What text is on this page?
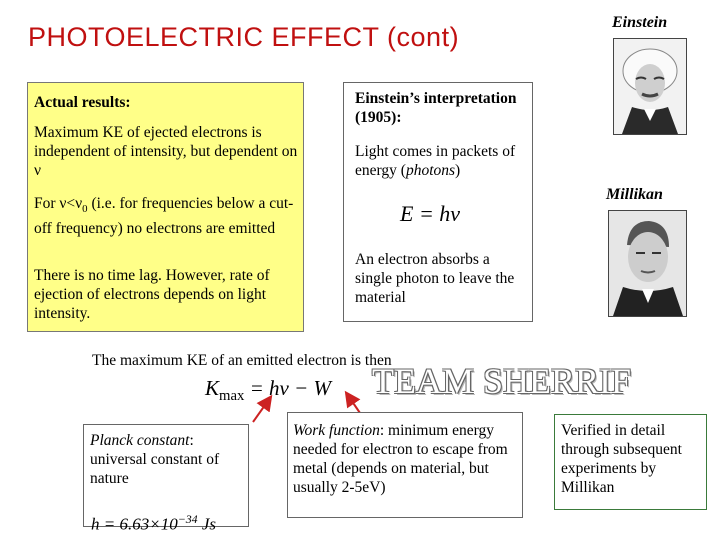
PHOTOELECTRIC EFFECT (cont)	Einstein
Millikan
Actual results:
Maximum KE of ejected electrons is independent of intensity, but dependent on ν
For $\nu<\nu_0$ (i.e. for frequencies below a cut-off frequency) no electrons are emitted
There is no time lag. However, rate of ejection of electrons depends on light intensity.
Einstein’s interpretation (1905):
Light comes in packets of energy (photons)
E = hν
An electron absorbs a single photon to leave the material
The maximum KE of an emitted electron is then
$K_{max} = h\nu - W$ TEAM SHERRIF
Planck constant: universal constant of nature
$h = 6.63\times 10^{-34}$ Js
Work function: minimum energy needed for electron to escape from metal (depends on material, but usually 2-5eV)
Verified in detail through subsequent experiments by Millikan
